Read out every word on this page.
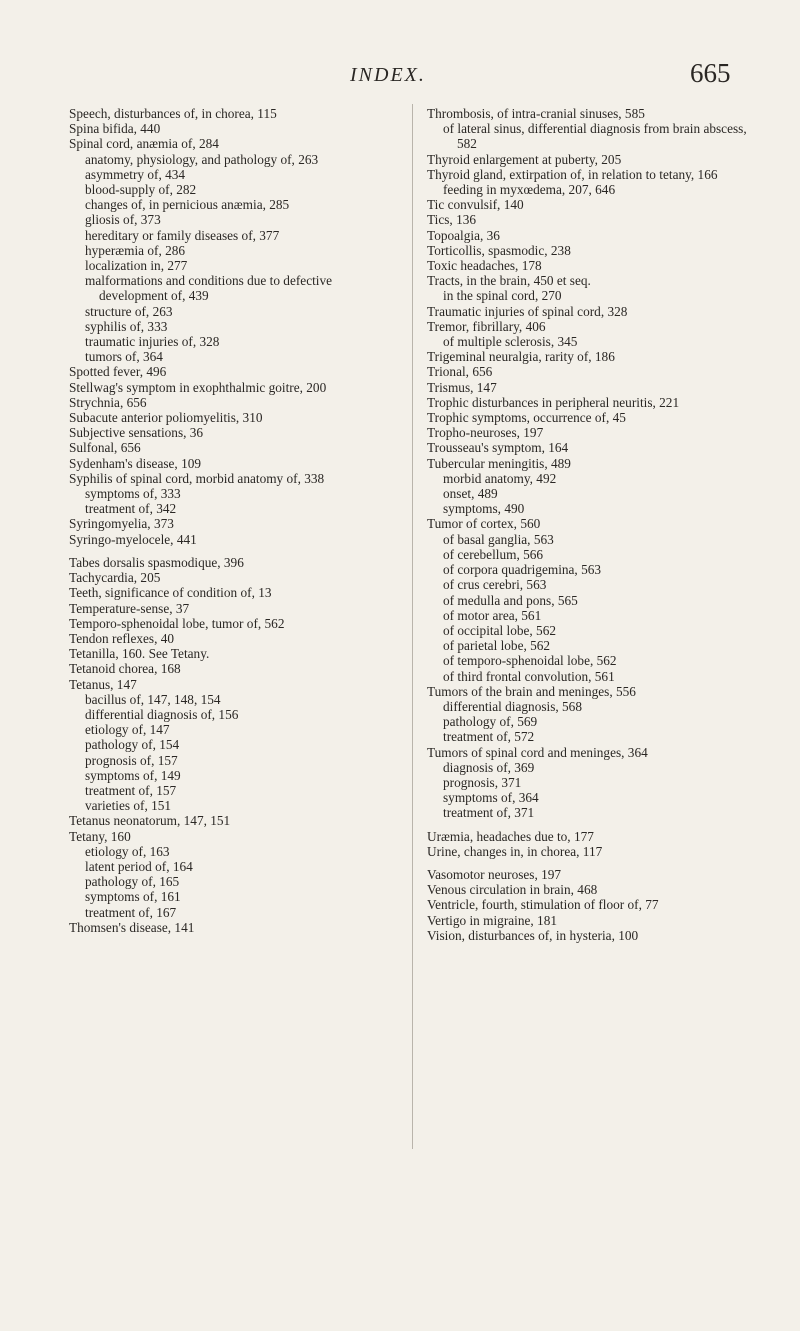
INDEX.	665
Speech, disturbances of, in chorea, 115
Spina bifida, 440
Spinal cord, anæmia of, 284
anatomy, physiology, and pathology of, 263
asymmetry of, 434
blood-supply of, 282
changes of, in pernicious anæmia, 285
gliosis of, 373
hereditary or family diseases of, 377
hyperæmia of, 286
localization in, 277
malformations and conditions due to defective development of, 439
structure of, 263
syphilis of, 333
traumatic injuries of, 328
tumors of, 364
Spotted fever, 496
Stellwag's symptom in exophthalmic goitre, 200
Strychnia, 656
Subacute anterior poliomyelitis, 310
Subjective sensations, 36
Sulfonal, 656
Sydenham's disease, 109
Syphilis of spinal cord, morbid anatomy of, 338
symptoms of, 333
treatment of, 342
Syringomyelia, 373
Syringo-myelocele, 441
Tabes dorsalis spasmodique, 396
Tachycardia, 205
Teeth, significance of condition of, 13
Temperature-sense, 37
Temporo-sphenoidal lobe, tumor of, 562
Tendon reflexes, 40
Tetanilla, 160. See Tetany.
Tetanoid chorea, 168
Tetanus, 147
bacillus of, 147, 148, 154
differential diagnosis of, 156
etiology of, 147
pathology of, 154
prognosis of, 157
symptoms of, 149
treatment of, 157
varieties of, 151
Tetanus neonatorum, 147, 151
Tetany, 160
etiology of, 163
latent period of, 164
pathology of, 165
symptoms of, 161
treatment of, 167
Thomsen's disease, 141
Thrombosis, of intra-cranial sinuses, 585
of lateral sinus, differential diagnosis from brain abscess, 582
Thyroid enlargement at puberty, 205
Thyroid gland, extirpation of, in relation to tetany, 166
feeding in myxœdema, 207, 646
Tic convulsif, 140
Tics, 136
Topoalgia, 36
Torticollis, spasmodic, 238
Toxic headaches, 178
Tracts, in the brain, 450 et seq.
in the spinal cord, 270
Traumatic injuries of spinal cord, 328
Tremor, fibrillary, 406
of multiple sclerosis, 345
Trigeminal neuralgia, rarity of, 186
Trional, 656
Trismus, 147
Trophic disturbances in peripheral neuritis, 221
Trophic symptoms, occurrence of, 45
Tropho-neuroses, 197
Trousseau's symptom, 164
Tubercular meningitis, 489
morbid anatomy, 492
onset, 489
symptoms, 490
Tumor of cortex, 560
of basal ganglia, 563
of cerebellum, 566
of corpora quadrigemina, 563
of crus cerebri, 563
of medulla and pons, 565
of motor area, 561
of occipital lobe, 562
of parietal lobe, 562
of temporo-sphenoidal lobe, 562
of third frontal convolution, 561
Tumors of the brain and meninges, 556
differential diagnosis, 568
pathology of, 569
treatment of, 572
Tumors of spinal cord and meninges, 364
diagnosis of, 369
prognosis, 371
symptoms of, 364
treatment of, 371
Uræmia, headaches due to, 177
Urine, changes in, in chorea, 117
Vasomotor neuroses, 197
Venous circulation in brain, 468
Ventricle, fourth, stimulation of floor of, 77
Vertigo in migraine, 181
Vision, disturbances of, in hysteria, 100
